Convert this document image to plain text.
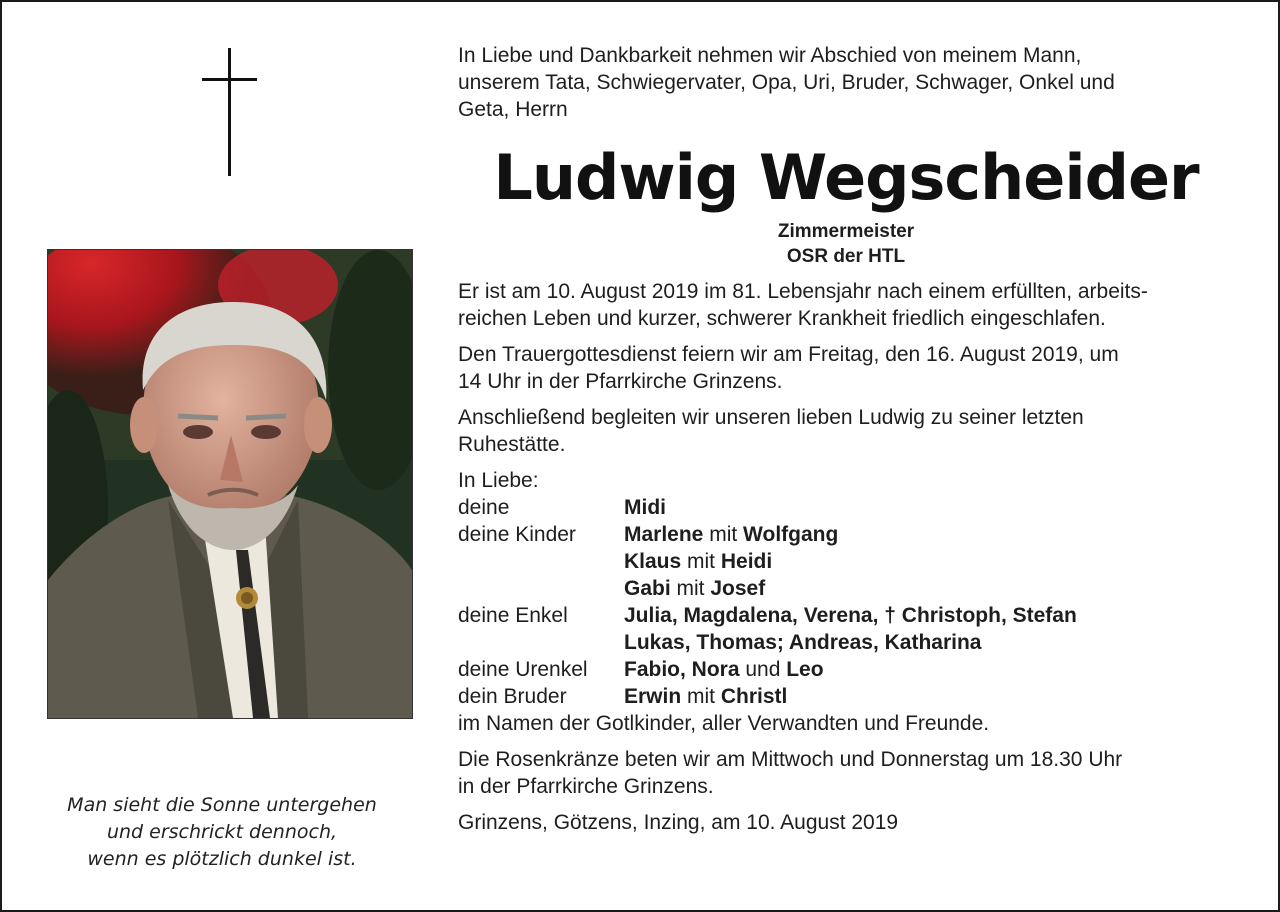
Man sieht die Sonne untergehen
und erschrickt dennoch,
wenn es plötzlich dunkel ist.
In Liebe und Dankbarkeit nehmen wir Abschied von meinem Mann,
unserem Tata, Schwiegervater, Opa, Uri, Bruder, Schwager, Onkel und
Geta, Herrn
Ludwig Wegscheider
Zimmermeister
OSR der HTL
Er ist am 10. August 2019 im 81. Lebensjahr nach einem erfüllten, arbeits-
reichen Leben und kurzer, schwerer Krankheit friedlich eingeschlafen.
Den Trauergottesdienst feiern wir am Freitag, den 16. August 2019, um
14 Uhr in der Pfarrkirche Grinzens.
Anschließend begleiten wir unseren lieben Ludwig zu seiner letzten
Ruhestätte.
In Liebe:
deine	Midi
deine Kinder	Marlene mit Wolfgang
Klaus mit Heidi
Gabi mit Josef
deine Enkel	Julia, Magdalena, Verena, † Christoph, Stefan
Lukas, Thomas; Andreas, Katharina
deine Urenkel	Fabio, Nora und Leo
dein Bruder	Erwin mit Christl
im Namen der Gotlkinder, aller Verwandten und Freunde.
Die Rosenkränze beten wir am Mittwoch und Donnerstag um 18.30 Uhr
in der Pfarrkirche Grinzens.
Grinzens, Götzens, Inzing, am 10. August 2019
